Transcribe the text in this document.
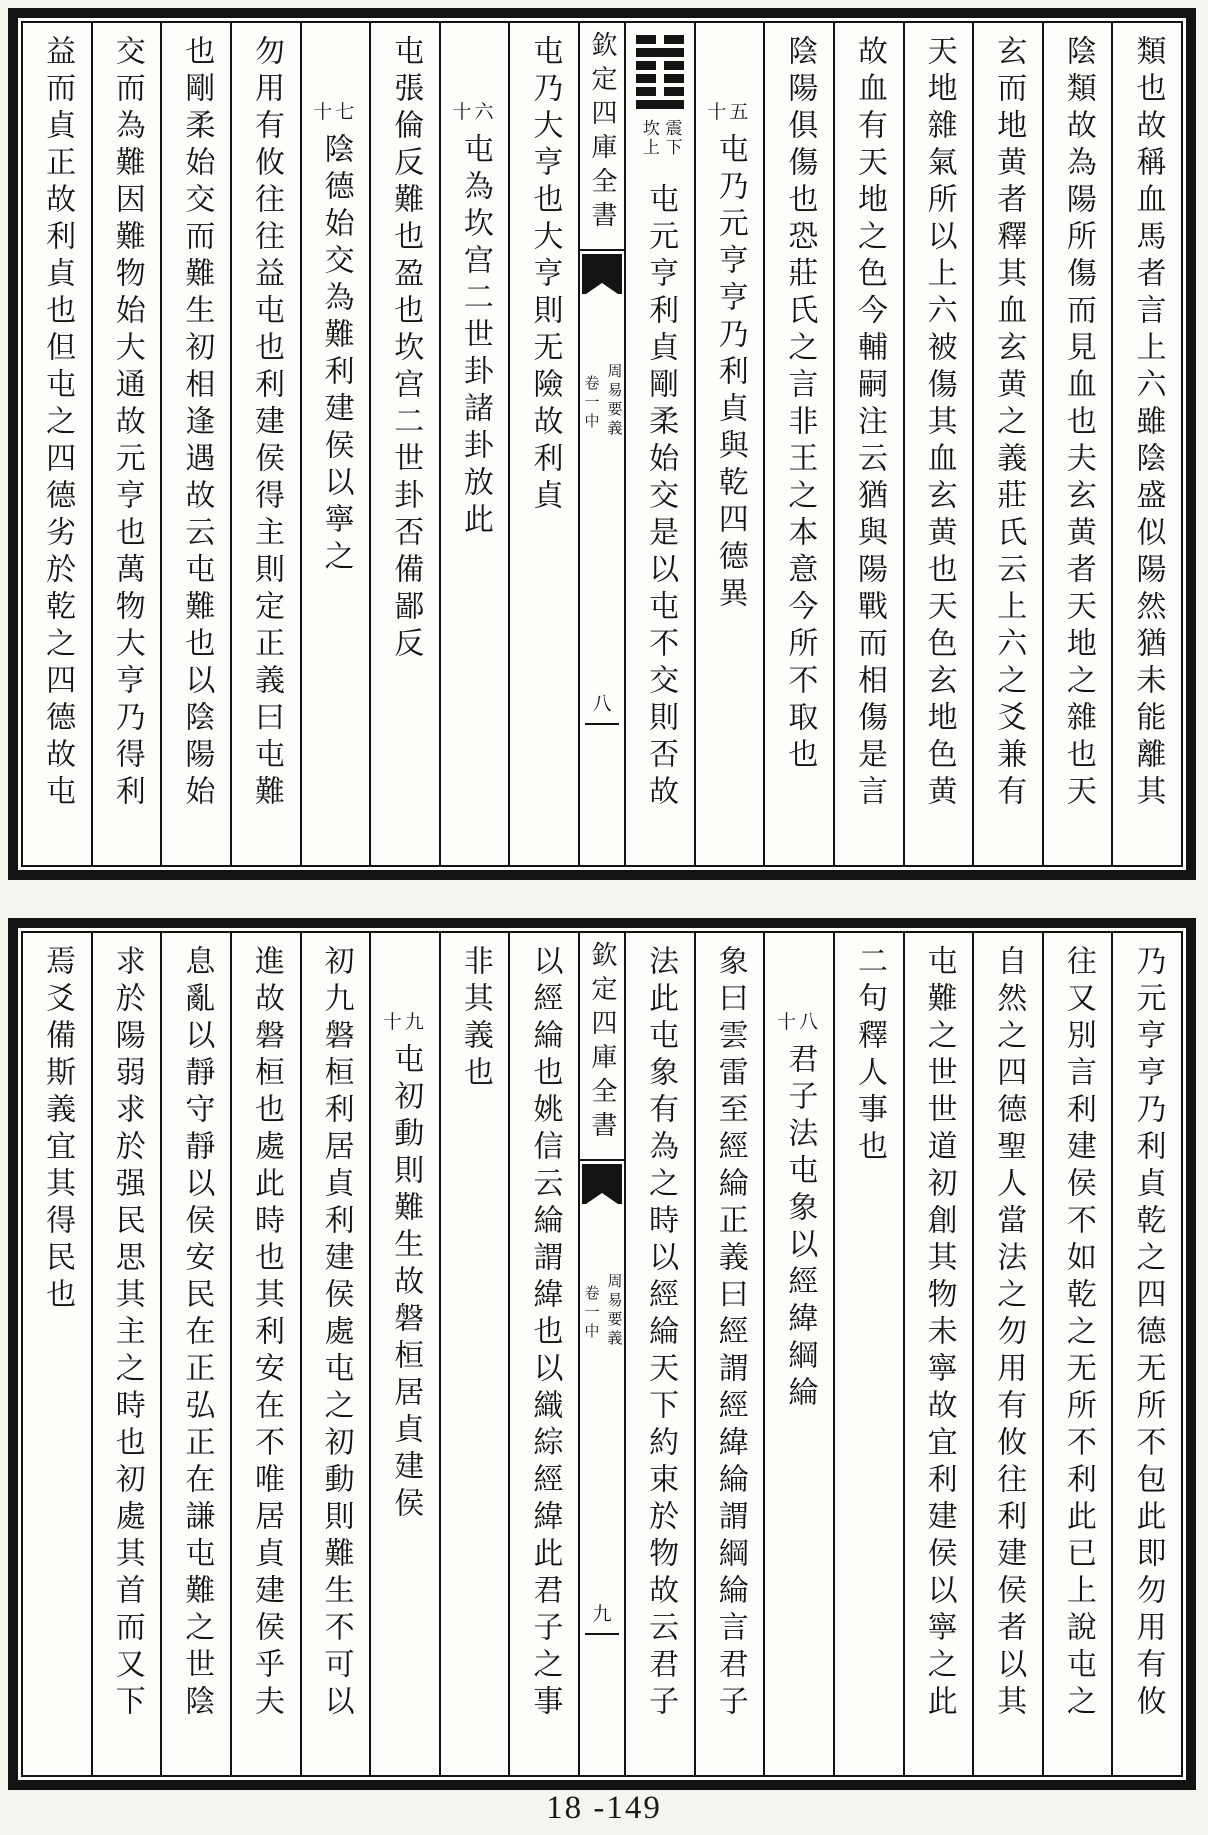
類也故稱血馬者言上六雖陰盛似陽然猶未能離其
陰類故為陽所傷而見血也夫玄黄者天地之雜也天
玄而地黄者釋其血玄黄之義莊氏云上六之爻兼有
天地雜氣所以上六被傷其血玄黄也天色玄地色黄
故血有天地之色今輔嗣注云猶與陽戰而相傷是言
陰陽俱傷也恐莊氏之言非王之本意今所不取也
十五
屯乃元亨亨乃利貞與乾四德異
震下
坎上
屯元亨利貞剛柔始交是以屯不交則否故
欽定四庫全書
周易要義
卷一中
八
屯乃大亨也大亨則无險故利貞
十六
屯為坎宫二世卦諸卦放此
屯張倫反難也盈也坎宫二世卦否備鄙反
十七
陰德始交為難利建侯以寧之
勿用有攸往往益屯也利建侯得主則定正義曰屯難
也剛柔始交而難生初相逢遇故云屯難也以陰陽始
交而為難因難物始大通故元亨也萬物大亨乃得利
益而貞正故利貞也但屯之四德劣於乾之四德故屯
乃元亨亨乃利貞乾之四德无所不包此即勿用有攸
往又別言利建侯不如乾之无所不利此已上說屯之
自然之四德聖人當法之勿用有攸往利建侯者以其
屯難之世世道初創其物未寧故宜利建侯以寧之此
二句釋人事也
十八
君子法屯象以經緯綱綸
象曰雲雷至經綸正義曰經謂經緯綸謂綱綸言君子
法此屯象有為之時以經綸天下約束於物故云君子
欽定四庫全書
周易要義
卷一中
九
以經綸也姚信云綸謂緯也以織綜經緯此君子之事
非其義也
十九
屯初動則難生故磐桓居貞建侯
初九磐桓利居貞利建侯處屯之初動則難生不可以
進故磐桓也處此時也其利安在不唯居貞建侯乎夫
息亂以靜守靜以侯安民在正弘正在謙屯難之世陰
求於陽弱求於强民思其主之時也初處其首而又下
焉爻備斯義宜其得民也
18 -149
